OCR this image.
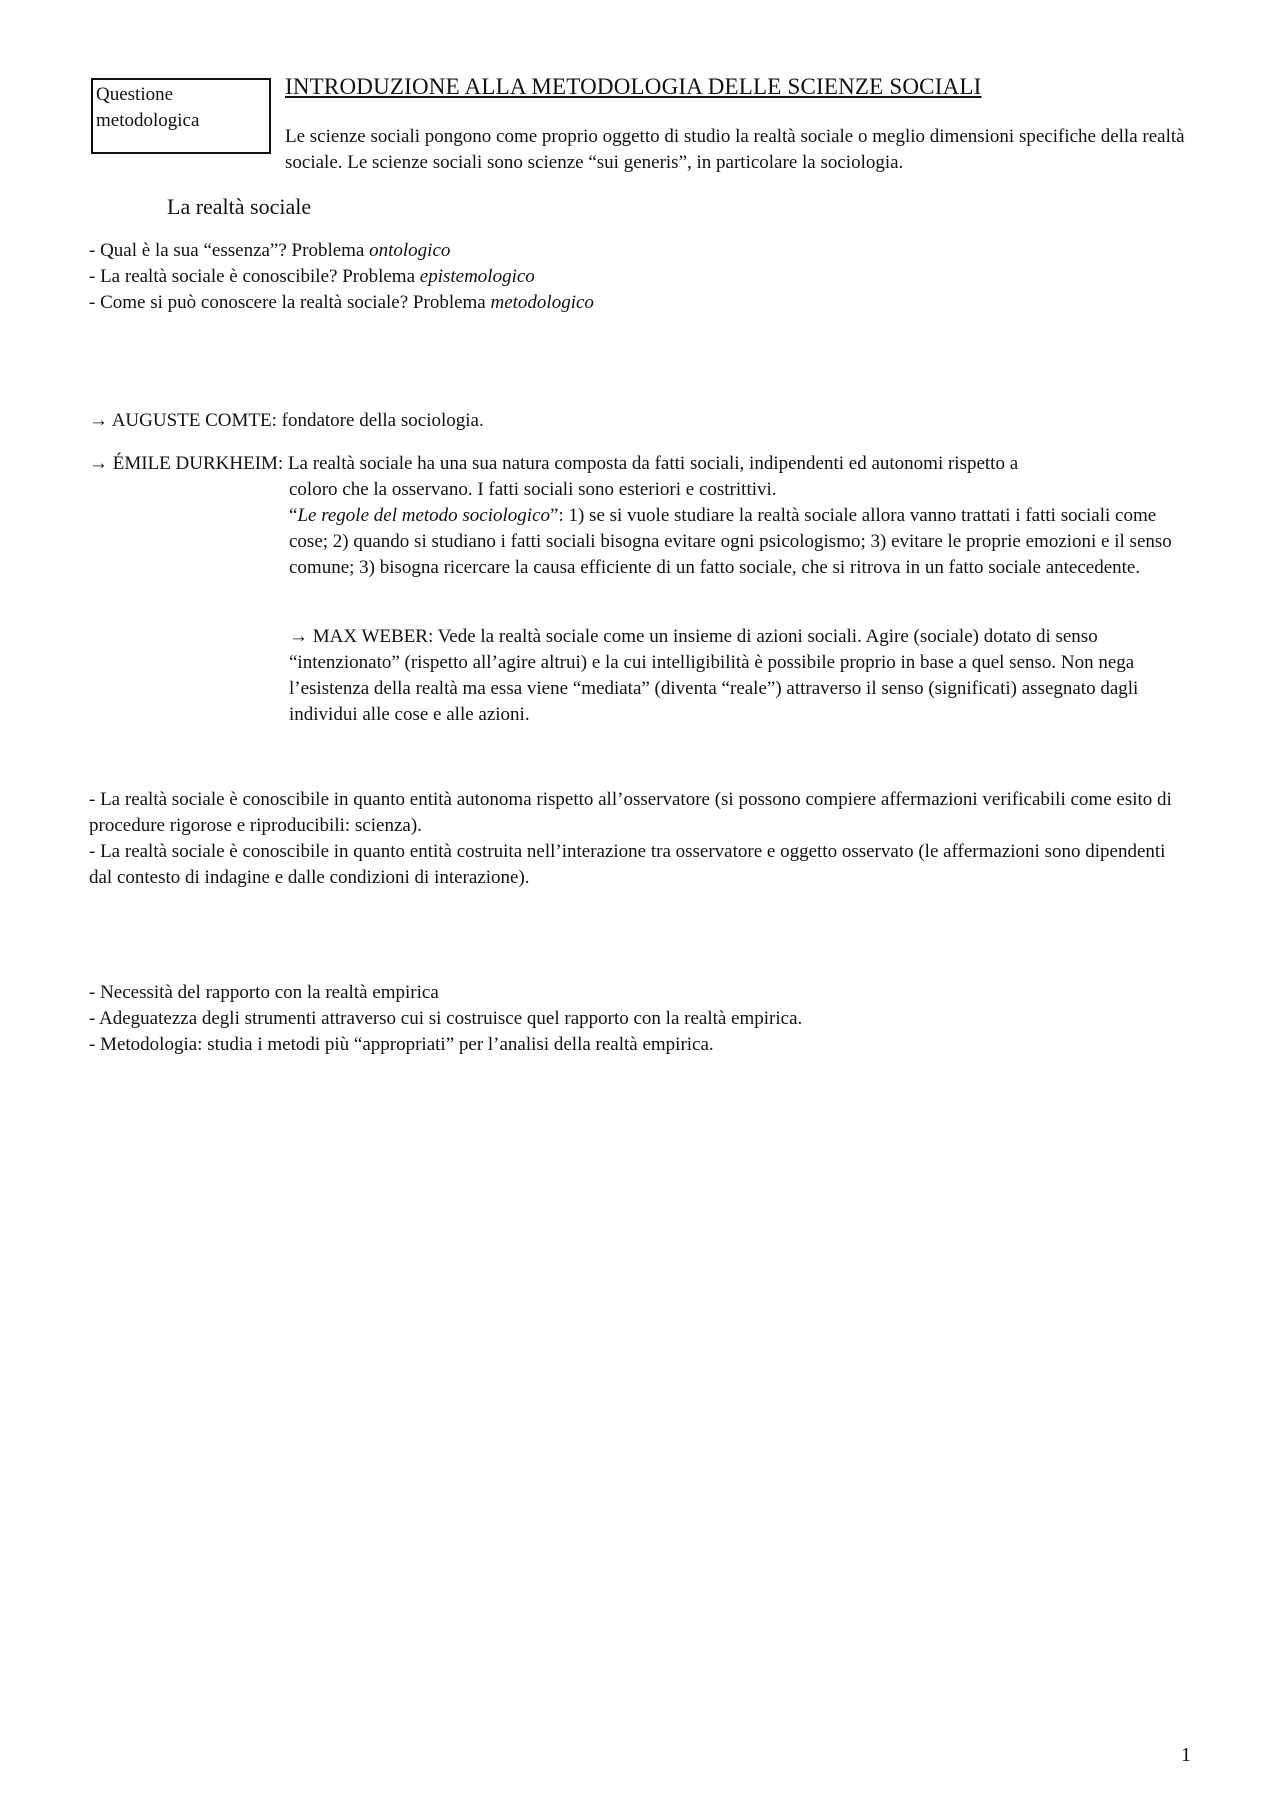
Questione
metodologica
INTRODUZIONE ALLA METODOLOGIA DELLE SCIENZE SOCIALI
Le scienze sociali pongono come proprio oggetto di studio la realtà sociale o meglio dimensioni specifiche della realtà sociale. Le scienze sociali sono scienze “sui generis”, in particolare la sociologia.
La realtà sociale
- Qual è la sua “essenza”? Problema ontologico
- La realtà sociale è conoscibile? Problema epistemologico
- Come si può conoscere la realtà sociale? Problema metodologico
→ AUGUSTE COMTE: fondatore della sociologia.
→ ÉMILE DURKHEIM: La realtà sociale ha una sua natura composta da fatti sociali, indipendenti ed autonomi rispetto a
coloro che la osservano. I fatti sociali sono esteriori e costrittivi.
“Le regole del metodo sociologico”: 1) se si vuole studiare la realtà sociale allora vanno trattati i fatti sociali come cose; 2) quando si studiano i fatti sociali bisogna evitare ogni psicologismo; 3) evitare le proprie emozioni e il senso comune; 3) bisogna ricercare la causa efficiente di un fatto sociale, che si ritrova in un fatto sociale antecedente.
→ MAX WEBER: Vede la realtà sociale come un insieme di azioni sociali. Agire (sociale) dotato di senso “intenzionato” (rispetto all’agire altrui) e la cui intelligibilità è possibile proprio in base a quel senso. Non nega l’esistenza della realtà ma essa viene “mediata” (diventa “reale”) attraverso il senso (significati) assegnato dagli individui alle cose e alle azioni.
- La realtà sociale è conoscibile in quanto entità autonoma rispetto all’osservatore (si possono compiere affermazioni verificabili come esito di procedure rigorose e riproducibili: scienza).
- La realtà sociale è conoscibile in quanto entità costruita nell’interazione tra osservatore e oggetto osservato (le affermazioni sono dipendenti dal contesto di indagine e dalle condizioni di interazione).
- Necessità del rapporto con la realtà empirica
- Adeguatezza degli strumenti attraverso cui si costruisce quel rapporto con la realtà empirica.
- Metodologia: studia i metodi più “appropriati” per l’analisi della realtà empirica.
1
